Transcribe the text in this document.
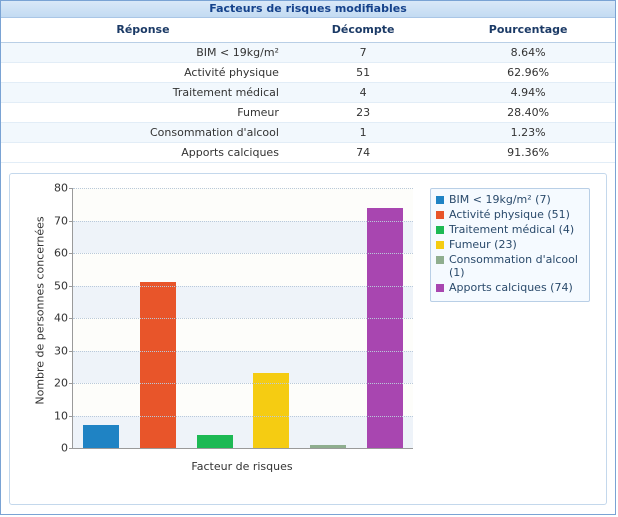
Facteurs de risques modifiables
Réponse	Décompte	Pourcentage
BIM < 19kg/m²	7	8.64%
Activité physique	51	62.96%
Traitement médical	4	4.94%
Fumeur	23	28.40%
Consommation d'alcool	1	1.23%
Apports calciques	74	91.36%
Nombre de personnes concernées
0
10
20
30
40
50
60
70
80
Facteur de risques
BIM < 19kg/m² (7)
Activité physique (51)
Traitement médical (4)
Fumeur (23)
Consommation d'alcool (1)
Apports calciques (74)
